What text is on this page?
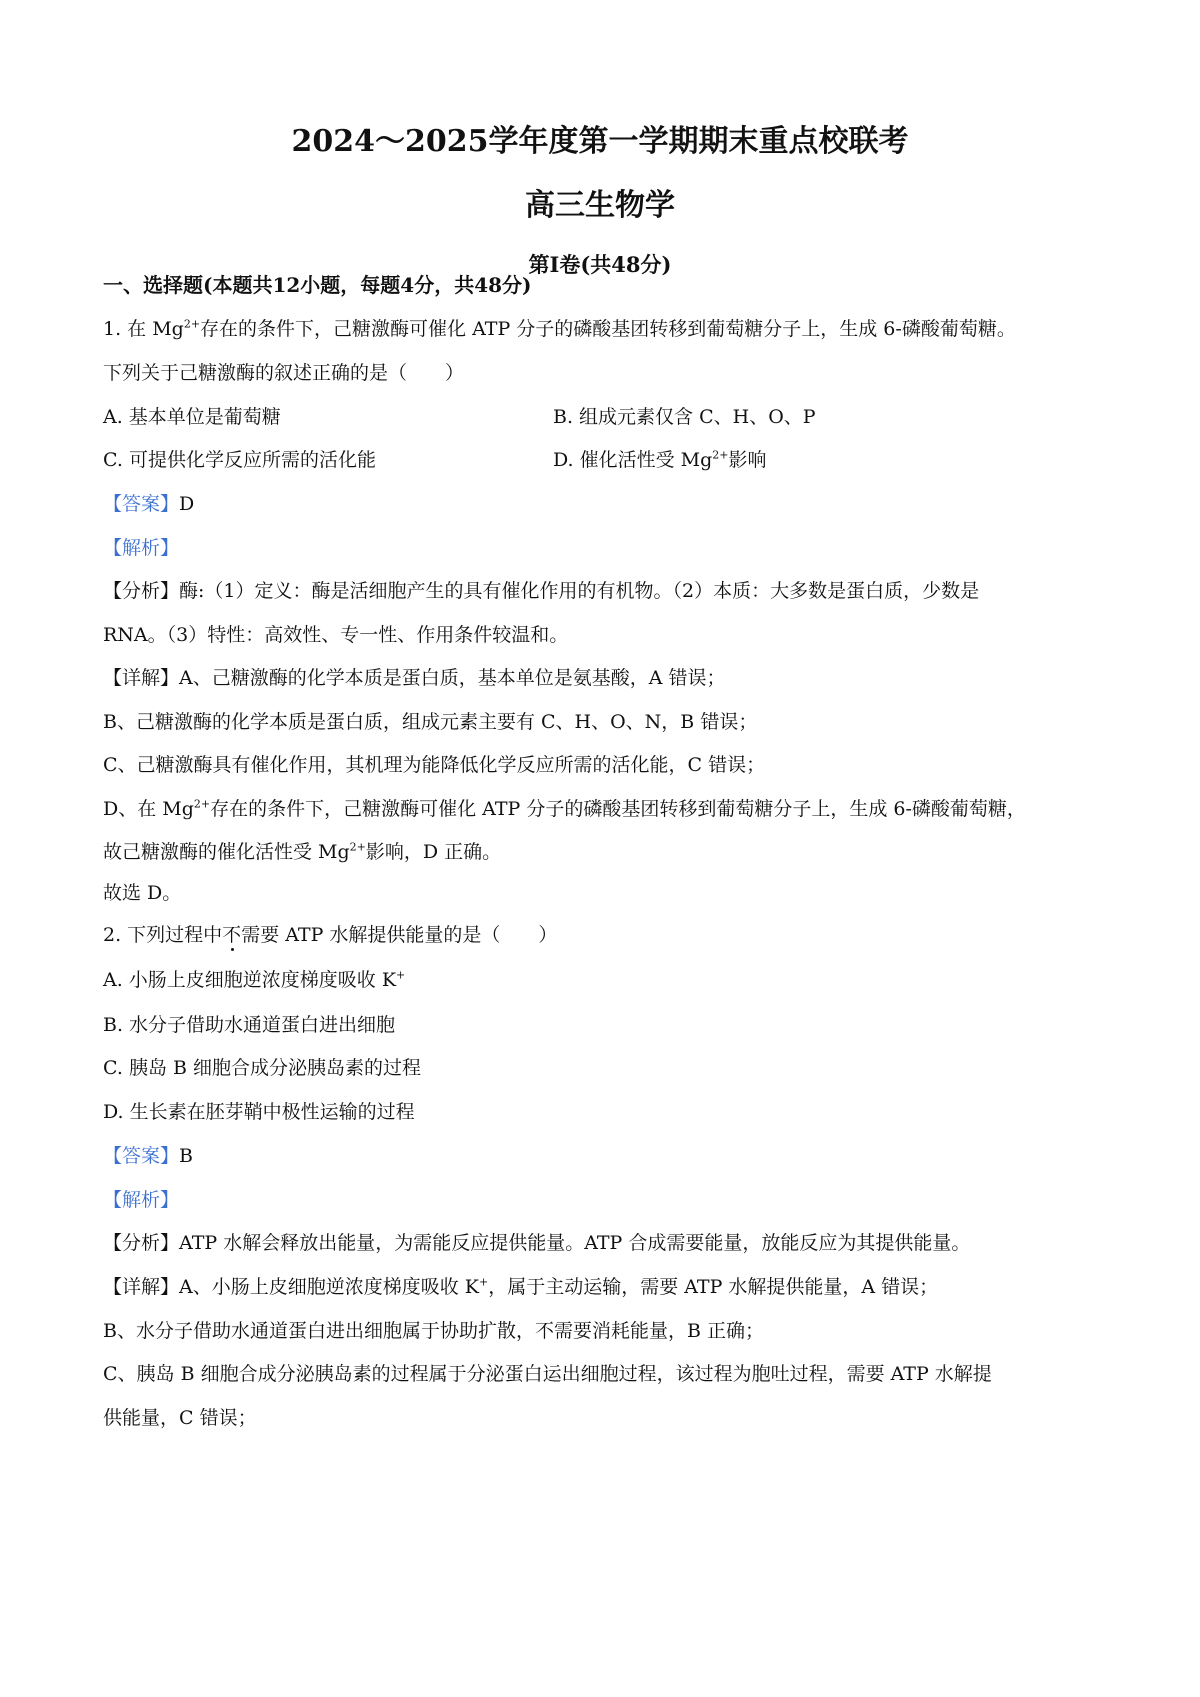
2024～2025学年度第一学期期末重点校联考
高三生物学
第Ⅰ卷(共48分)
一、选择题(本题共12小题，每题4分，共48分)
1. 在 $Mg^{2+}$存在的条件下，己糖激酶可催化 ATP 分子的磷酸基团转移到葡萄糖分子上，生成 6-磷酸葡萄糖。
下列关于己糖激酶的叙述正确的是（　　）
A. 基本单位是葡萄糖	B. 组成元素仅含 C、H、O、P
C. 可提供化学反应所需的活化能	D. 催化活性受 $Mg^{2+}$影响
【答案】D
【解析】
【分析】酶:（1）定义：酶是活细胞产生的具有催化作用的有机物。（2）本质：大多数是蛋白质，少数是
RNA。（3）特性：高效性、专一性、作用条件较温和。
【详解】A、己糖激酶的化学本质是蛋白质，基本单位是氨基酸，A 错误；
B、己糖激酶的化学本质是蛋白质，组成元素主要有 C、H、O、N，B 错误；
C、己糖激酶具有催化作用，其机理为能降低化学反应所需的活化能，C 错误；
D、在 $Mg^{2+}$存在的条件下，己糖激酶可催化 ATP 分子的磷酸基团转移到葡萄糖分子上，生成 6-磷酸葡萄糖，
故己糖激酶的催化活性受 $Mg^{2+}$影响，D 正确。
故选 D。
2. 下列过程中不需要 ATP 水解提供能量的是（　　）
A. 小肠上皮细胞逆浓度梯度吸收 K+
B. 水分子借助水通道蛋白进出细胞
C. 胰岛 B 细胞合成分泌胰岛素的过程
D. 生长素在胚芽鞘中极性运输的过程
【答案】B
【解析】
【分析】ATP 水解会释放出能量，为需能反应提供能量。ATP 合成需要能量，放能反应为其提供能量。
【详解】A、小肠上皮细胞逆浓度梯度吸收 K+，属于主动运输，需要 ATP 水解提供能量，A 错误；
B、水分子借助水通道蛋白进出细胞属于协助扩散，不需要消耗能量，B 正确；
C、胰岛 B 细胞合成分泌胰岛素的过程属于分泌蛋白运出细胞过程，该过程为胞吐过程，需要 ATP 水解提
供能量，C 错误；
